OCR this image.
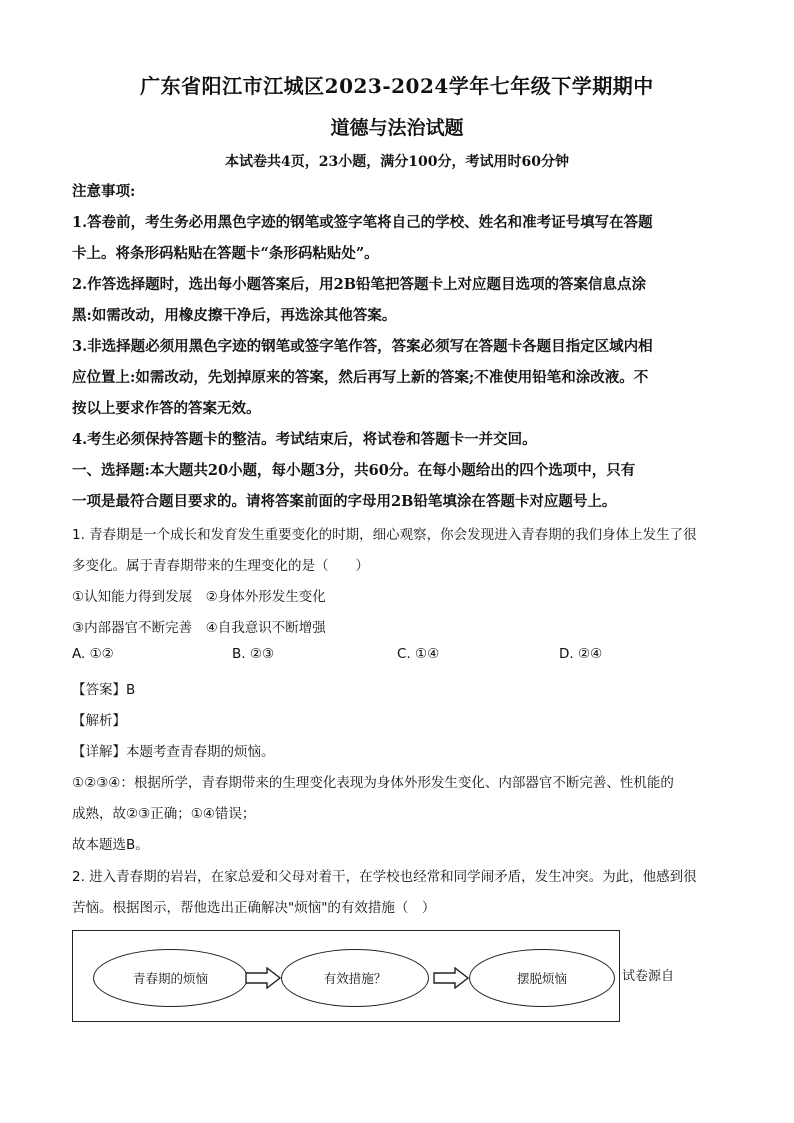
广东省阳江市江城区2023-2024学年七年级下学期期中
道德与法治试题
本试卷共4页，23小题，满分100分，考试用时60分钟
注意事项:
1.答卷前，考生务必用黑色字迹的钢笔或签字笔将自己的学校、姓名和准考证号填写在答题
卡上。将条形码粘贴在答题卡“条形码粘贴处”。
2.作答选择题时，选出每小题答案后，用2B铅笔把答题卡上对应题目选项的答案信息点涂
黑:如需改动，用橡皮擦干净后，再选涂其他答案。
3.非选择题必须用黑色字迹的钢笔或签字笔作答，答案必须写在答题卡各题目指定区域内相
应位置上:如需改动，先划掉原来的答案，然后再写上新的答案;不准使用铅笔和涂改液。不
按以上要求作答的答案无效。
4.考生必须保持答题卡的整洁。考试结束后，将试卷和答题卡一并交回。
一、选择题:本大题共20小题，每小题3分，共60分。在每小题给出的四个选项中，只有
一项是最符合题目要求的。请将答案前面的字母用2B铅笔填涂在答题卡对应题号上。
1. 青春期是一个成长和发育发生重要变化的时期，细心观察，你会发现进入青春期的我们身体上发生了很
多变化。属于青春期带来的生理变化的是（　　）
①认知能力得到发展　②身体外形发生变化
③内部器官不断完善　④自我意识不断增强
A. ①②	B. ②③	C. ①④	D. ②④
【答案】B
【解析】
【详解】本题考查青春期的烦恼。
①②③④：根据所学，青春期带来的生理变化表现为身体外形发生变化、内部器官不断完善、性机能的
成熟，故②③正确；①④错误；
故本题选B。
2. 进入青春期的岩岩，在家总爱和父母对着干，在学校也经常和同学闹矛盾，发生冲突。为此，他感到很
苦恼。根据图示，帮他选出正确解决"烦恼"的有效措施（　）
青春期的烦恼	有效措施？	摆脱烦恼	试卷源自
